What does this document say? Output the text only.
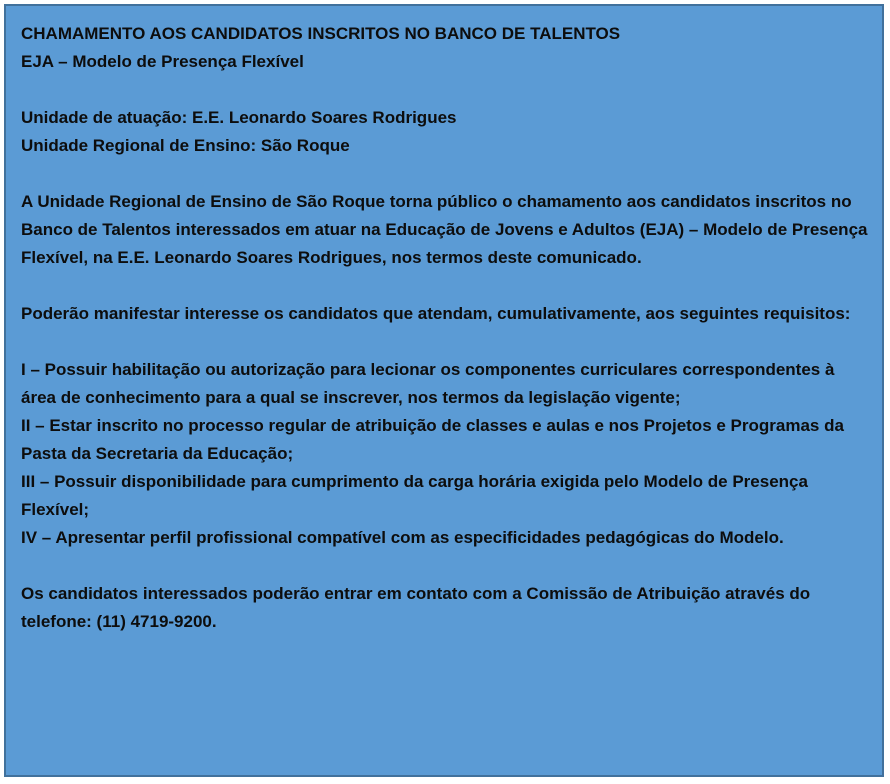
CHAMAMENTO AOS CANDIDATOS INSCRITOS NO BANCO DE TALENTOS

EJA – Modelo de Presença Flexível

Unidade de atuação: E.E. Leonardo Soares Rodrigues

Unidade Regional de Ensino: São Roque

A Unidade Regional de Ensino de São Roque torna público o chamamento aos candidatos inscritos no Banco de Talentos interessados em atuar na Educação de Jovens e Adultos (EJA) – Modelo de Presença Flexível, na E.E. Leonardo Soares Rodrigues, nos termos deste comunicado.

Poderão manifestar interesse os candidatos que atendam, cumulativamente, aos seguintes requisitos:

I – Possuir habilitação ou autorização para lecionar os componentes curriculares correspondentes à área de conhecimento para a qual se inscrever, nos termos da legislação vigente;

II – Estar inscrito no processo regular de atribuição de classes e aulas e nos Projetos e Programas da Pasta da Secretaria da Educação;

III – Possuir disponibilidade para cumprimento da carga horária exigida pelo Modelo de Presença Flexível;

IV – Apresentar perfil profissional compatível com as especificidades pedagógicas do Modelo.

Os candidatos interessados poderão entrar em contato com a Comissão de Atribuição através do telefone: (11) 4719-9200.
